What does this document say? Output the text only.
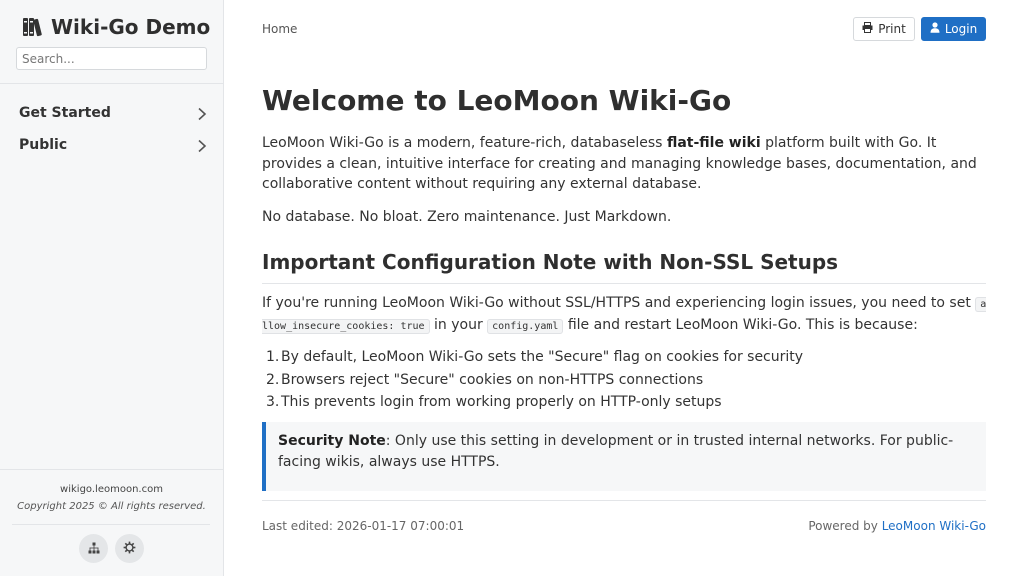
Wiki-Go Demo
Search...
Get Started
Public
wikigo.leomoon.com
Copyright 2025 © All rights reserved.
Home	Print	Login
Welcome to LeoMoon Wiki-Go

LeoMoon Wiki-Go is a modern, feature-rich, databaseless flat-file wiki platform built with Go. It provides a clean, intuitive interface for creating and managing knowledge bases, documentation, and collaborative content without requiring any external database.

No database. No bloat. Zero maintenance. Just Markdown.

Important Configuration Note with Non-SSL Setups

If you're running LeoMoon Wiki-Go without SSL/HTTPS and experiencing login issues, you need to set allow_insecure_cookies: true in your config.yaml file and restart LeoMoon Wiki-Go. This is because:

1. By default, LeoMoon Wiki-Go sets the "Secure" flag on cookies for security
2. Browsers reject "Secure" cookies on non-HTTPS connections
3. This prevents login from working properly on HTTP-only setups
Security Note: Only use this setting in development or in trusted internal networks. For public-facing wikis, always use HTTPS.
Last edited: 2026-01-17 07:00:01	Powered by LeoMoon Wiki-Go
